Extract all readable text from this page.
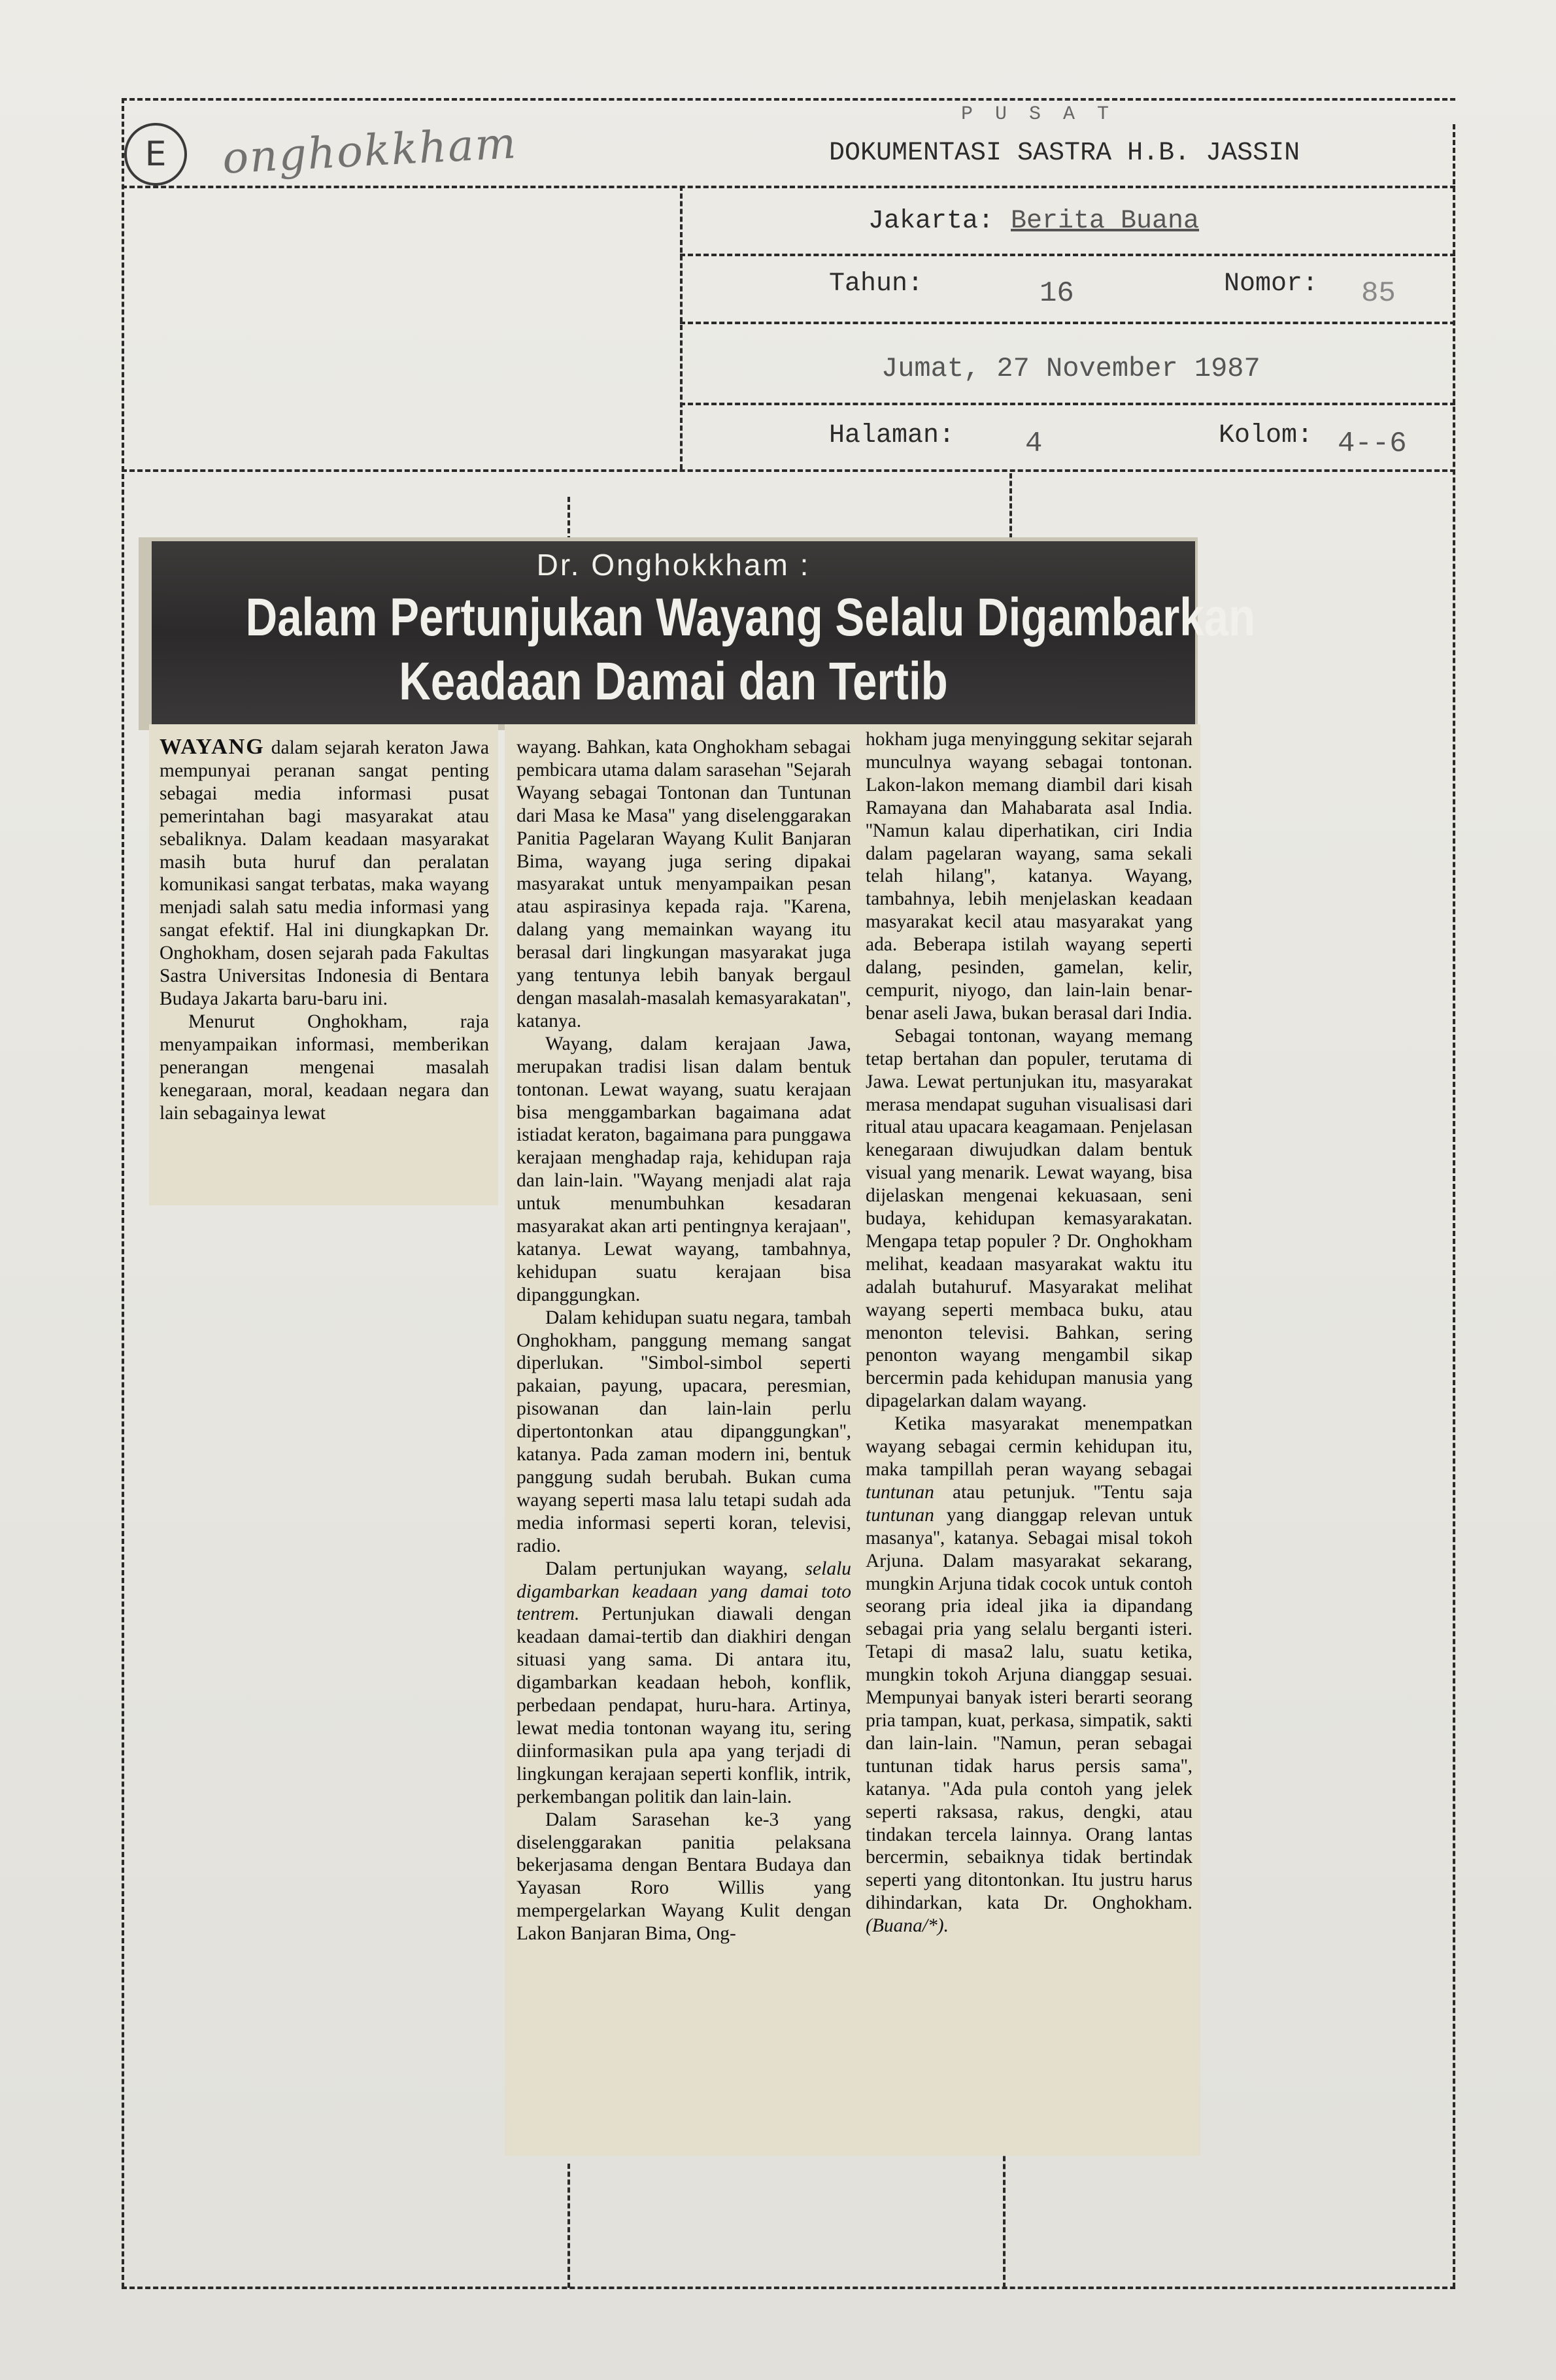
E onghokkham
P U S A T
DOKUMENTASI SASTRA H.B. JASSIN
Jakarta: Berita Buana
Tahun:	16	Nomor: 85
Jumat, 27 November 1987
Halaman: 4	Kolom: 4--6
Dr. Onghokkham :
Dalam Pertunjukan Wayang Selalu Digambarkan
Keadaan Damai dan Tertib

WAYANG dalam sejarah keraton Jawa mempunyai peranan sangat penting sebagai media informasi pusat pemerintahan bagi masyarakat atau sebaliknya. Dalam keadaan masyarakat masih buta huruf dan peralatan komunikasi sangat terbatas, maka wayang menjadi salah satu media informasi yang sangat efektif. Hal ini diungkapkan Dr. Onghokham, dosen sejarah pada Fakultas Sastra Universitas Indonesia di Bentara Budaya Jakarta baru-baru ini.

Menurut Onghokham, raja menyampaikan informasi, memberikan penerangan mengenai masalah kenegaraan, moral, keadaan negara dan lain sebagainya lewat

wayang. Bahkan, kata Onghokham sebagai pembicara utama dalam sarasehan ''Sejarah Wayang sebagai Tontonan dan Tuntunan dari Masa ke Masa'' yang diselenggarakan Panitia Pagelaran Wayang Kulit Banjaran Bima, wayang juga sering dipakai masyarakat untuk menyampaikan pesan atau aspirasinya kepada raja. ''Karena, dalang yang memainkan wayang itu berasal dari lingkungan masyarakat juga yang tentunya lebih banyak bergaul dengan masalah-masalah kemasyarakatan'', katanya.

Wayang, dalam kerajaan Jawa, merupakan tradisi lisan dalam bentuk tontonan. Lewat wayang, suatu kerajaan bisa menggambarkan bagaimana adat istiadat keraton, bagaimana para punggawa kerajaan menghadap raja, kehidupan raja dan lain-lain. ''Wayang menjadi alat raja untuk menumbuhkan kesadaran masyarakat akan arti pentingnya kerajaan'', katanya. Lewat wayang, tambahnya, kehidupan suatu kerajaan bisa dipanggungkan.

Dalam kehidupan suatu negara, tambah Onghokham, panggung memang sangat diperlukan. ''Simbol-simbol seperti pakaian, payung, upacara, peresmian, pisowanan dan lain-lain perlu dipertontonkan atau dipanggungkan'', katanya. Pada zaman modern ini, bentuk panggung sudah berubah. Bukan cuma wayang seperti masa lalu tetapi sudah ada media informasi seperti koran, televisi, radio.

Dalam pertunjukan wayang, selalu digambarkan keadaan yang damai toto tentrem. Pertunjukan diawali dengan keadaan damai-tertib dan diakhiri dengan situasi yang sama. Di antara itu, digambarkan keadaan heboh, konflik, perbedaan pendapat, huru-hara. Artinya, lewat media tontonan wayang itu, sering diinformasikan pula apa yang terjadi di lingkungan kerajaan seperti konflik, intrik, perkembangan politik dan lain-lain.

Dalam Sarasehan ke-3 yang diselenggarakan panitia pelaksana bekerjasama dengan Bentara Budaya dan Yayasan Roro Willis yang mempergelarkan Wayang Kulit dengan Lakon Banjaran Bima, Ong-

hokham juga menyinggung sekitar sejarah munculnya wayang sebagai tontonan. Lakon-lakon memang diambil dari kisah Ramayana dan Mahabarata asal India. ''Namun kalau diperhatikan, ciri India dalam pagelaran wayang, sama sekali telah hilang'', katanya. Wayang, tambahnya, lebih menjelaskan keadaan masyarakat kecil atau masyarakat yang ada. Beberapa istilah wayang seperti dalang, pesinden, gamelan, kelir, cempurit, niyogo, dan lain-lain benar-benar aseli Jawa, bukan berasal dari India.

Sebagai tontonan, wayang memang tetap bertahan dan populer, terutama di Jawa. Lewat pertunjukan itu, masyarakat merasa mendapat suguhan visualisasi dari ritual atau upacara keagamaan. Penjelasan kenegaraan diwujudkan dalam bentuk visual yang menarik. Lewat wayang, bisa dijelaskan mengenai kekuasaan, seni budaya, kehidupan kemasyarakatan. Mengapa tetap populer ? Dr. Onghokham melihat, keadaan masyarakat waktu itu adalah butahuruf. Masyarakat melihat wayang seperti membaca buku, atau menonton televisi. Bahkan, sering penonton wayang mengambil sikap bercermin pada kehidupan manusia yang dipagelarkan dalam wayang.

Ketika masyarakat menempatkan wayang sebagai cermin kehidupan itu, maka tampillah peran wayang sebagai tuntunan atau petunjuk. ''Tentu saja tuntunan yang dianggap relevan untuk masanya'', katanya. Sebagai misal tokoh Arjuna. Dalam masyarakat sekarang, mungkin Arjuna tidak cocok untuk contoh seorang pria ideal jika ia dipandang sebagai pria yang selalu berganti isteri. Tetapi di masa2 lalu, suatu ketika, mungkin tokoh Arjuna dianggap sesuai. Mempunyai banyak isteri berarti seorang pria tampan, kuat, perkasa, simpatik, sakti dan lain-lain. ''Namun, peran sebagai tuntunan tidak harus persis sama'', katanya. ''Ada pula contoh yang jelek seperti raksasa, rakus, dengki, atau tindakan tercela lainnya. Orang lantas bercermin, sebaiknya tidak bertindak seperti yang ditontonkan. Itu justru harus dihindarkan, kata Dr. Onghokham. (Buana/*).
